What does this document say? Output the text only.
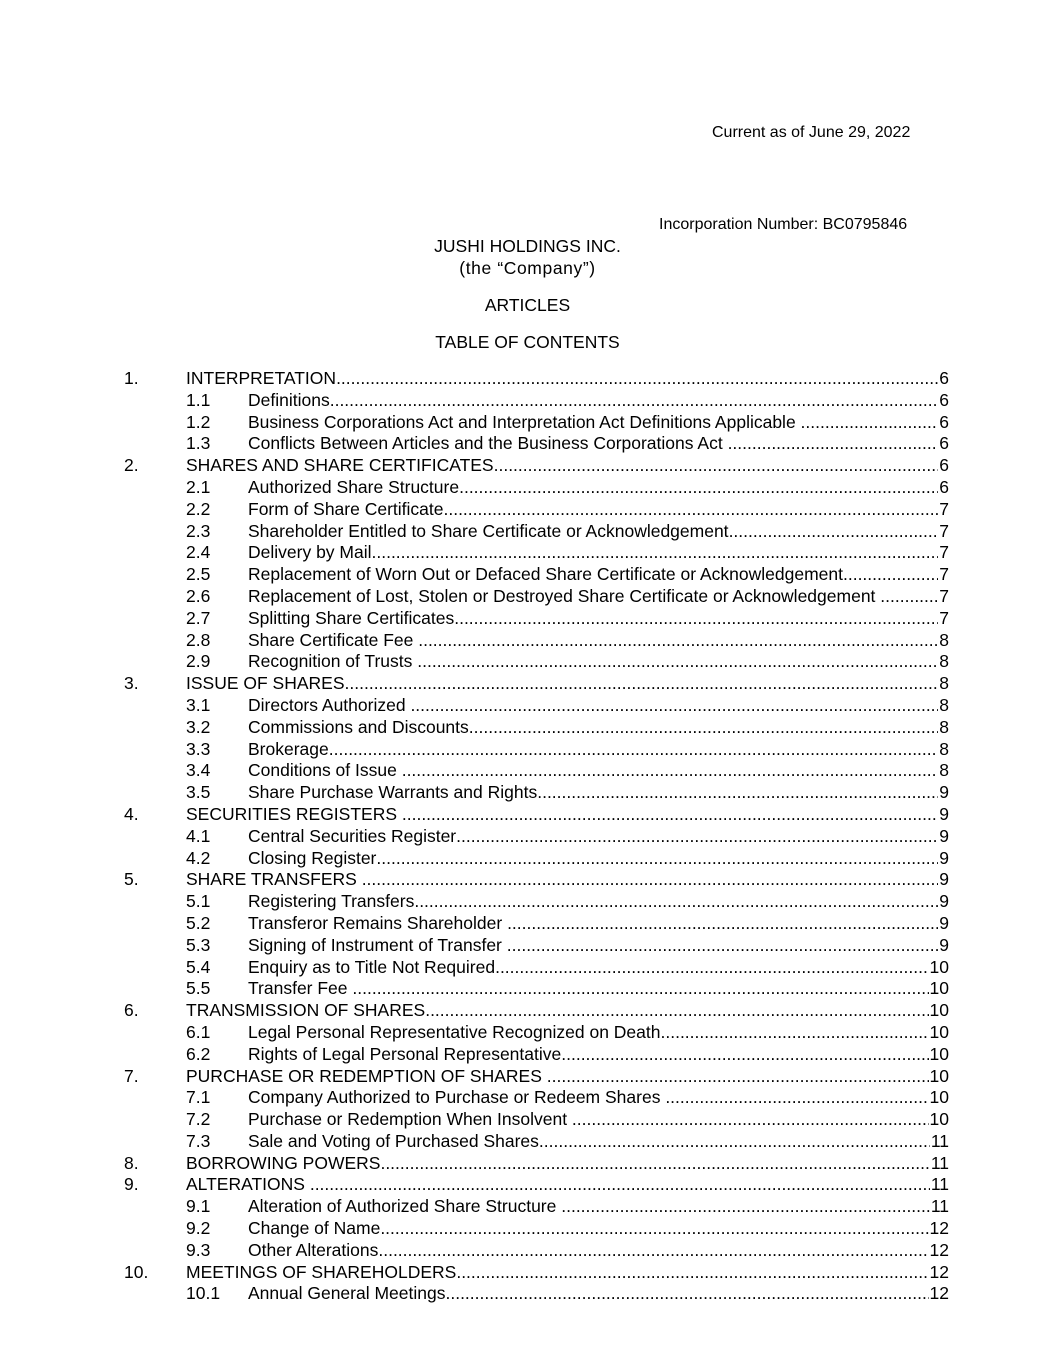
Current as of June 29, 2022
Incorporation Number: BC0795846
JUSHI HOLDINGS INC.
(the “Company”)
ARTICLES
TABLE OF CONTENTS
1.	INTERPRETATION .....	6
1.1 Definitions .....	6
1.2 Business Corporations Act and Interpretation Act Definitions Applicable .....	6
1.3 Conflicts Between Articles and the Business Corporations Act .....	6
2.	SHARES AND SHARE CERTIFICATES .....	6
2.1 Authorized Share Structure .....	6
2.2 Form of Share Certificate .....	7
2.3 Shareholder Entitled to Share Certificate or Acknowledgement .....	7
2.4 Delivery by Mail .....	7
2.5 Replacement of Worn Out or Defaced Share Certificate or Acknowledgement .....	7
2.6 Replacement of Lost, Stolen or Destroyed Share Certificate or Acknowledgement .....	7
2.7 Splitting Share Certificates .....	7
2.8 Share Certificate Fee .....	8
2.9 Recognition of Trusts .....	8
3.	ISSUE OF SHARES .....	8
3.1 Directors Authorized .....	8
3.2 Commissions and Discounts .....	8
3.3 Brokerage .....	8
3.4 Conditions of Issue .....	8
3.5 Share Purchase Warrants and Rights .....	9
4.	SECURITIES REGISTERS .....	9
4.1 Central Securities Register .....	9
4.2 Closing Register .....	9
5.	SHARE TRANSFERS .....	9
5.1 Registering Transfers .....	9
5.2 Transferor Remains Shareholder .....	9
5.3 Signing of Instrument of Transfer .....	9
5.4 Enquiry as to Title Not Required .....	10
5.5 Transfer Fee .....	10
6.	TRANSMISSION OF SHARES .....	10
6.1 Legal Personal Representative Recognized on Death .....	10
6.2 Rights of Legal Personal Representative .....	10
7.	PURCHASE OR REDEMPTION OF SHARES .....	10
7.1 Company Authorized to Purchase or Redeem Shares .....	10
7.2 Purchase or Redemption When Insolvent .....	10
7.3 Sale and Voting of Purchased Shares .....	11
8.	BORROWING POWERS .....	11
9.	ALTERATIONS .....	11
9.1 Alteration of Authorized Share Structure .....	11
9.2 Change of Name .....	12
9.3 Other Alterations .....	12
10. MEETINGS OF SHAREHOLDERS .....	12
10.1 Annual General Meetings .....	12
